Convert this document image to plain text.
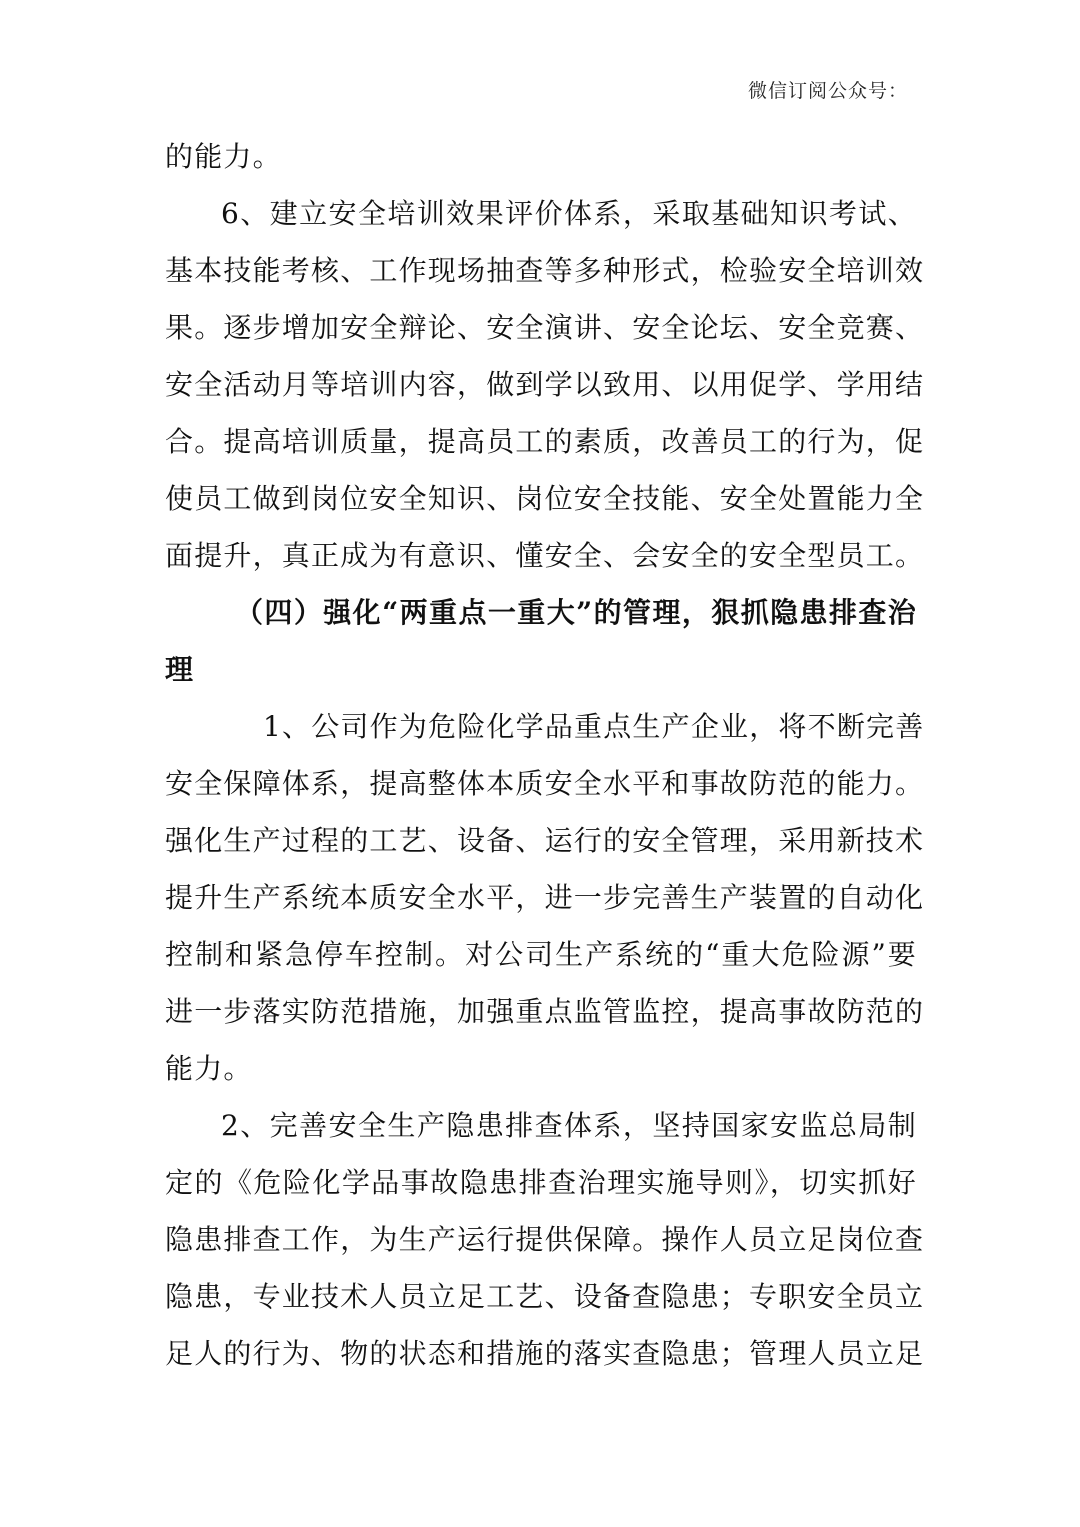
微信订阅公众号：
的能力。
6、建立安全培训效果评价体系，采取基础知识考试、
基本技能考核、工作现场抽查等多种形式，检验安全培训效
果。逐步增加安全辩论、安全演讲、安全论坛、安全竞赛、
安全活动月等培训内容，做到学以致用、以用促学、学用结
合。提高培训质量，提高员工的素质，改善员工的行为，促
使员工做到岗位安全知识、岗位安全技能、安全处置能力全
面提升，真正成为有意识、懂安全、会安全的安全型员工。
（四）强化“两重点一重大”的管理，狠抓隐患排查治
理
1、公司作为危险化学品重点生产企业，将不断完善
安全保障体系，提高整体本质安全水平和事故防范的能力。
强化生产过程的工艺、设备、运行的安全管理，采用新技术
提升生产系统本质安全水平，进一步完善生产装置的自动化
控制和紧急停车控制。对公司生产系统的“重大危险源”要
进一步落实防范措施，加强重点监管监控，提高事故防范的
能力。
2、完善安全生产隐患排查体系，坚持国家安监总局制
定的《危险化学品事故隐患排查治理实施导则》，切实抓好
隐患排查工作，为生产运行提供保障。操作人员立足岗位查
隐患，专业技术人员立足工艺、设备查隐患；专职安全员立
足人的行为、物的状态和措施的落实查隐患；管理人员立足
